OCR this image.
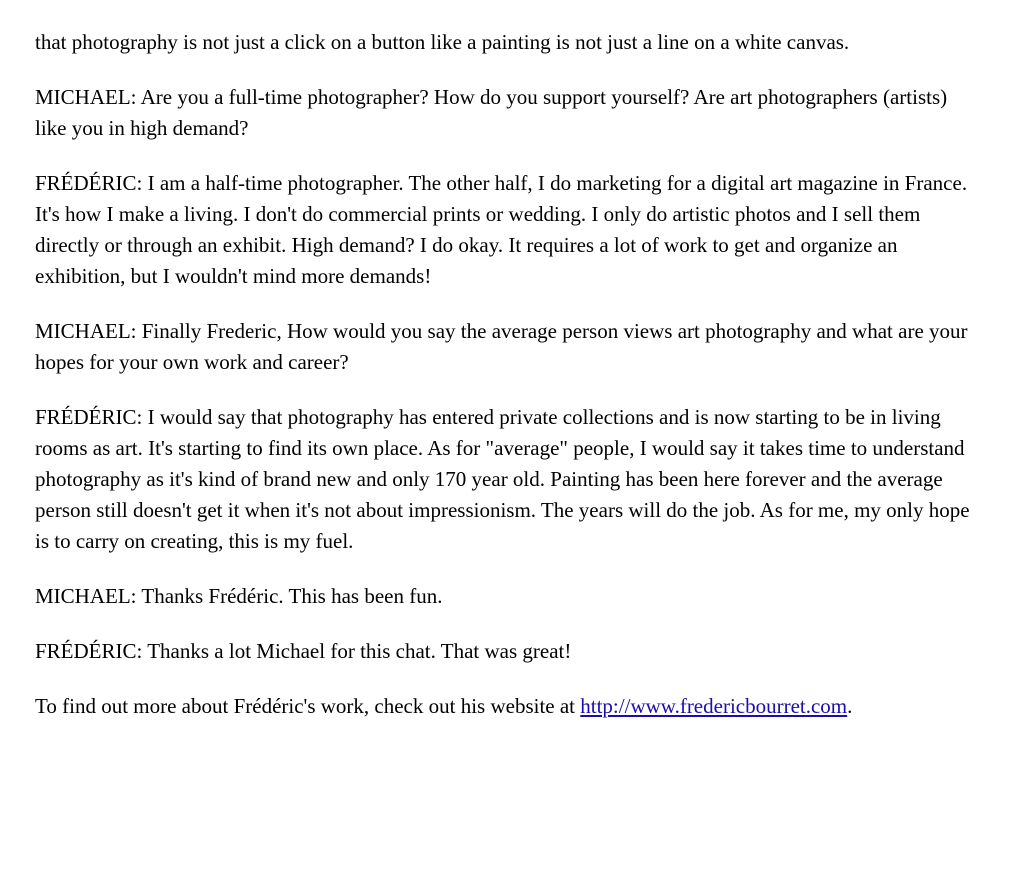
that photography is not just a click on a button like a painting is not just a line on a white canvas.

MICHAEL: Are you a full-time photographer? How do you support yourself? Are art photographers (artists) like you in high demand?

FRÉDÉRIC: I am a half-time photographer. The other half, I do marketing for a digital art magazine in France. It's how I make a living. I don't do commercial prints or wedding. I only do artistic photos and I sell them directly or through an exhibit. High demand? I do okay. It requires a lot of work to get and organize an exhibition, but I wouldn't mind more demands!

MICHAEL: Finally Frederic, How would you say the average person views art photography and what are your hopes for your own work and career?

FRÉDÉRIC: I would say that photography has entered private collections and is now starting to be in living rooms as art. It's starting to find its own place. As for "average" people, I would say it takes time to understand photography as it's kind of brand new and only 170 year old. Painting has been here forever and the average person still doesn't get it when it's not about impressionism. The years will do the job. As for me, my only hope is to carry on creating, this is my fuel.

MICHAEL: Thanks Frédéric. This has been fun.

FRÉDÉRIC: Thanks a lot Michael for this chat. That was great!

To find out more about Frédéric's work, check out his website at http://www.fredericbourret.com.
